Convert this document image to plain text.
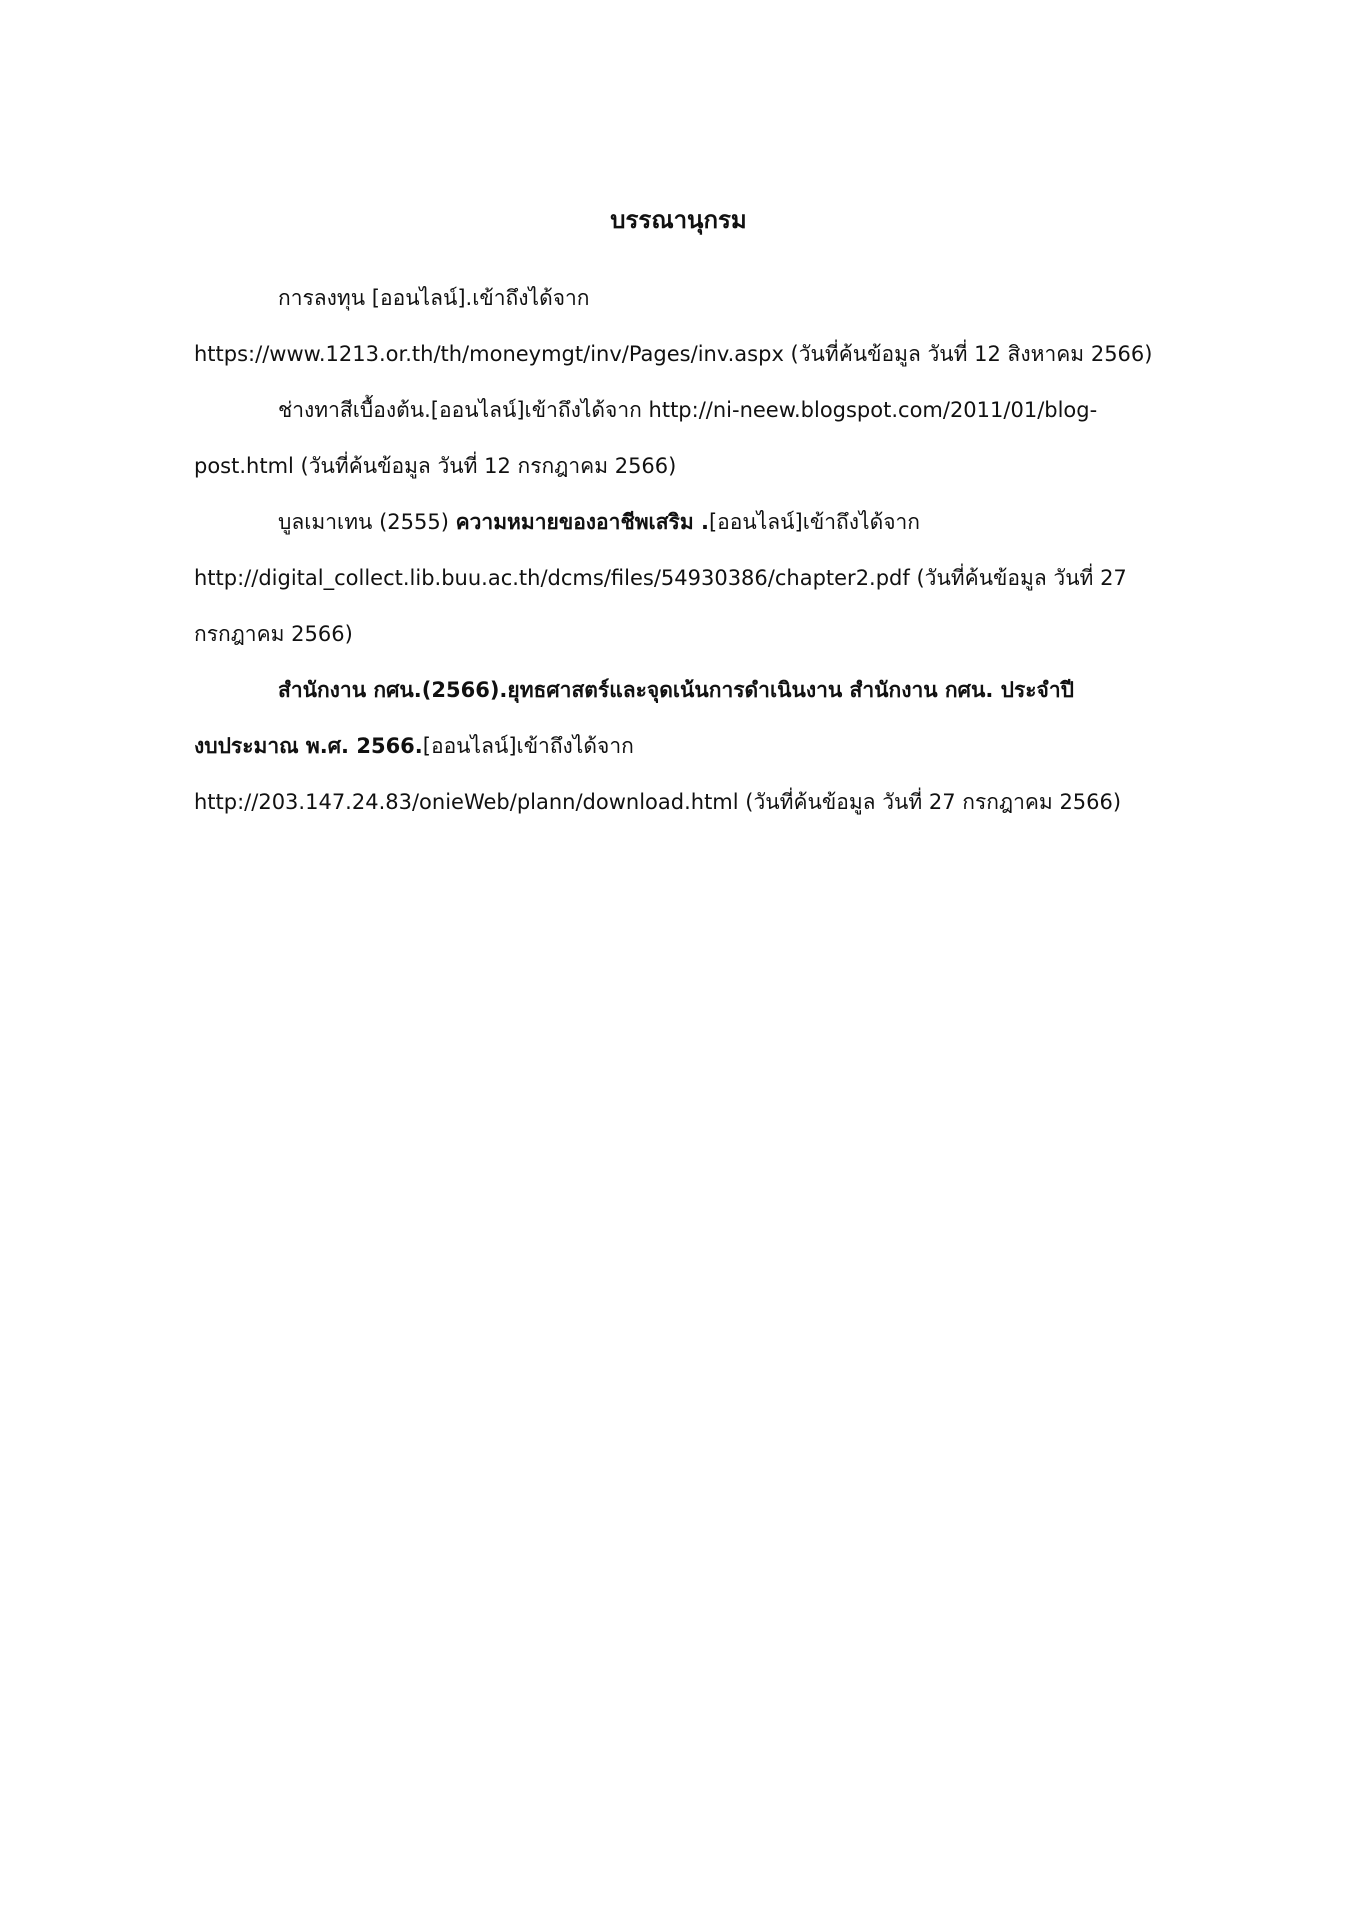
บรรณานุกรม
การลงทุน [ออนไลน์].เข้าถึงได้จาก
https://www.1213.or.th/th/moneymgt/inv/Pages/inv.aspx (วันที่ค้นข้อมูล วันที่ 12 สิงหาคม 2566)
ช่างทาสีเบื้องต้น.[ออนไลน์]เข้าถึงได้จาก http://ni-neew.blogspot.com/2011/01/blog-
post.html (วันที่ค้นข้อมูล วันที่ 12 กรกฎาคม 2566)
บูลเมาเทน (2555) ความหมายของอาชีพเสริม .[ออนไลน์]เข้าถึงได้จาก
http://digital_collect.lib.buu.ac.th/dcms/files/54930386/chapter2.pdf (วันที่ค้นข้อมูล วันที่ 27
กรกฎาคม 2566)
สำนักงาน กศน.(2566).ยุทธศาสตร์และจุดเน้นการดำเนินงาน สำนักงาน กศน. ประจำปี
งบประมาณ พ.ศ. 2566.[ออนไลน์]เข้าถึงได้จาก
http://203.147.24.83/onieWeb/plann/download.html (วันที่ค้นข้อมูล วันที่ 27 กรกฎาคม 2566)
